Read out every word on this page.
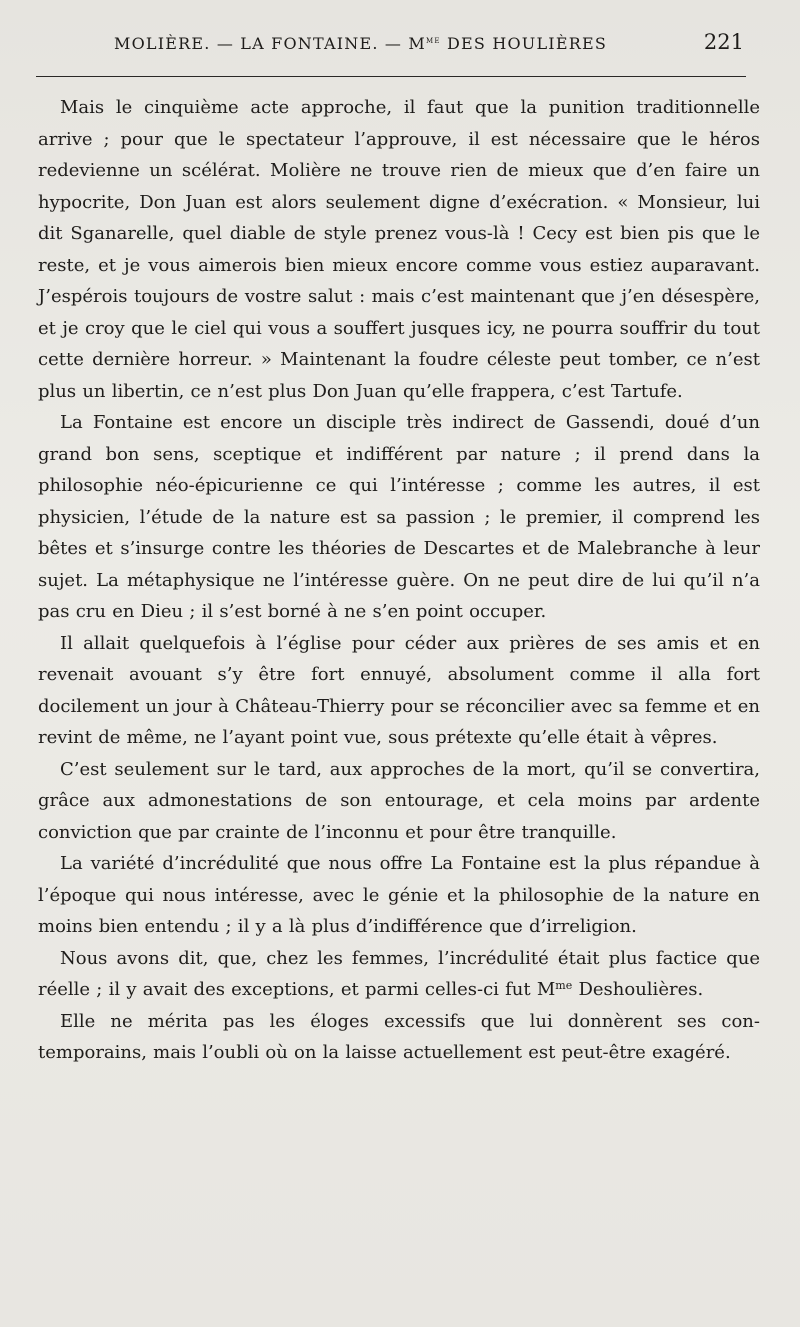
MOLIÈRE. — LA FONTAINE. — $M^{me}$ DES HOULIÈRES	221

Mais le cinquième acte approche, il faut que la punition traditionnelle arrive ; pour que le spectateur l’approuve, il est nécessaire que le héros redevienne un scélérat. Molière ne trouve rien de mieux que d’en faire un hypocrite, Don Juan est alors seulement digne d’exécration. « Monsieur, lui dit Sganarelle, quel diable de style prenez vous-là ! Cecy est bien pis que le reste, et je vous aimerois bien mieux encore comme vous estiez auparavant. J’espérois toujours de vostre salut : mais c’est maintenant que j’en désespère, et je croy que le ciel qui vous a souffert jusques icy, ne pourra souffrir du tout cette dernière horreur. » Maintenant la foudre céleste peut tomber, ce n’est plus un libertin, ce n’est plus Don Juan qu’elle frappera, c’est Tartufe.

La Fontaine est encore un disciple très indirect de Gassendi, doué d’un grand bon sens, sceptique et indifférent par nature ; il prend dans la philosophie néo-épicurienne ce qui l’intéresse ; comme les autres, il est physicien, l’étude de la nature est sa passion ; le premier, il comprend les bêtes et s’insurge contre les théories de Descartes et de Malebranche à leur sujet. La métaphysique ne l’intéresse guère. On ne peut dire de lui qu’il n’a pas cru en Dieu ; il s’est borné à ne s’en point occuper.

Il allait quelquefois à l’église pour céder aux prières de ses amis et en revenait avouant s’y être fort ennuyé, absolument comme il alla fort docilement un jour à Château-Thierry pour se réconcilier avec sa femme et en revint de même, ne l’ayant point vue, sous prétexte qu’elle était à vêpres.

C’est seulement sur le tard, aux approches de la mort, qu’il se convertira, grâce aux admonestations de son entourage, et cela moins par ardente conviction que par crainte de l’inconnu et pour être tranquille.

La variété d’incrédulité que nous offre La Fontaine est la plus répandue à l’époque qui nous intéresse, avec le génie et la philosophie de la nature en moins bien entendu ; il y a là plus d’indifférence que d’irreligion.

Nous avons dit, que, chez les femmes, l’incrédulité était plus factice que réelle ; il y avait des exceptions, et parmi celles-ci fut $M^{me}$ Deshoulières.

Elle ne mérita pas les éloges excessifs que lui donnèrent ses contemporains, mais l’oubli où on la laisse actuellement est peut-être exagéré.
